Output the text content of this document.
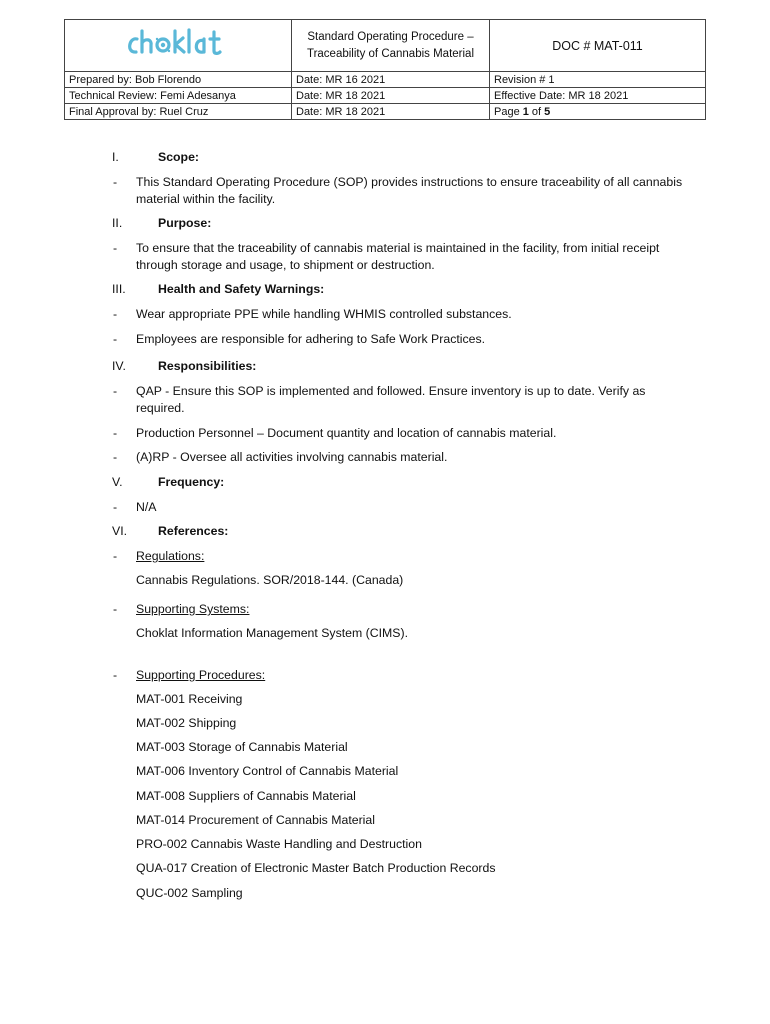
choklat	Standard Operating Procedure – Traceability of Cannabis Material	DOC # MAT-011
Prepared by: Bob Florendo	Date: MR 16 2021	Revision # 1
Technical Review: Femi Adesanya	Date: MR 18 2021	Effective Date: MR 18 2021
Final Approval by: Ruel Cruz	Date: MR 18 2021	Page 1 of 5
I.	Scope:
- This Standard Operating Procedure (SOP) provides instructions to ensure traceability of all cannabis
material within the facility.
II.	Purpose:
- To ensure that the traceability of cannabis material is maintained in the facility, from initial receipt
through storage and usage, to shipment or destruction.
III.	Health and Safety Warnings:
- Wear appropriate PPE while handling WHMIS controlled substances.
- Employees are responsible for adhering to Safe Work Practices.
IV.	Responsibilities:
- QAP - Ensure this SOP is implemented and followed. Ensure inventory is up to date. Verify as
required.
- Production Personnel – Document quantity and location of cannabis material.
- (A)RP - Oversee all activities involving cannabis material.
V.	Frequency:
- N/A
VI.	References:
- Regulations:
Cannabis Regulations. SOR/2018-144. (Canada)
- Supporting Systems:
Choklat Information Management System (CIMS).
- Supporting Procedures:
MAT-001 Receiving
MAT-002 Shipping
MAT-003 Storage of Cannabis Material
MAT-006 Inventory Control of Cannabis Material
MAT-008 Suppliers of Cannabis Material
MAT-014 Procurement of Cannabis Material
PRO-002 Cannabis Waste Handling and Destruction
QUA-017 Creation of Electronic Master Batch Production Records
QUC-002 Sampling
